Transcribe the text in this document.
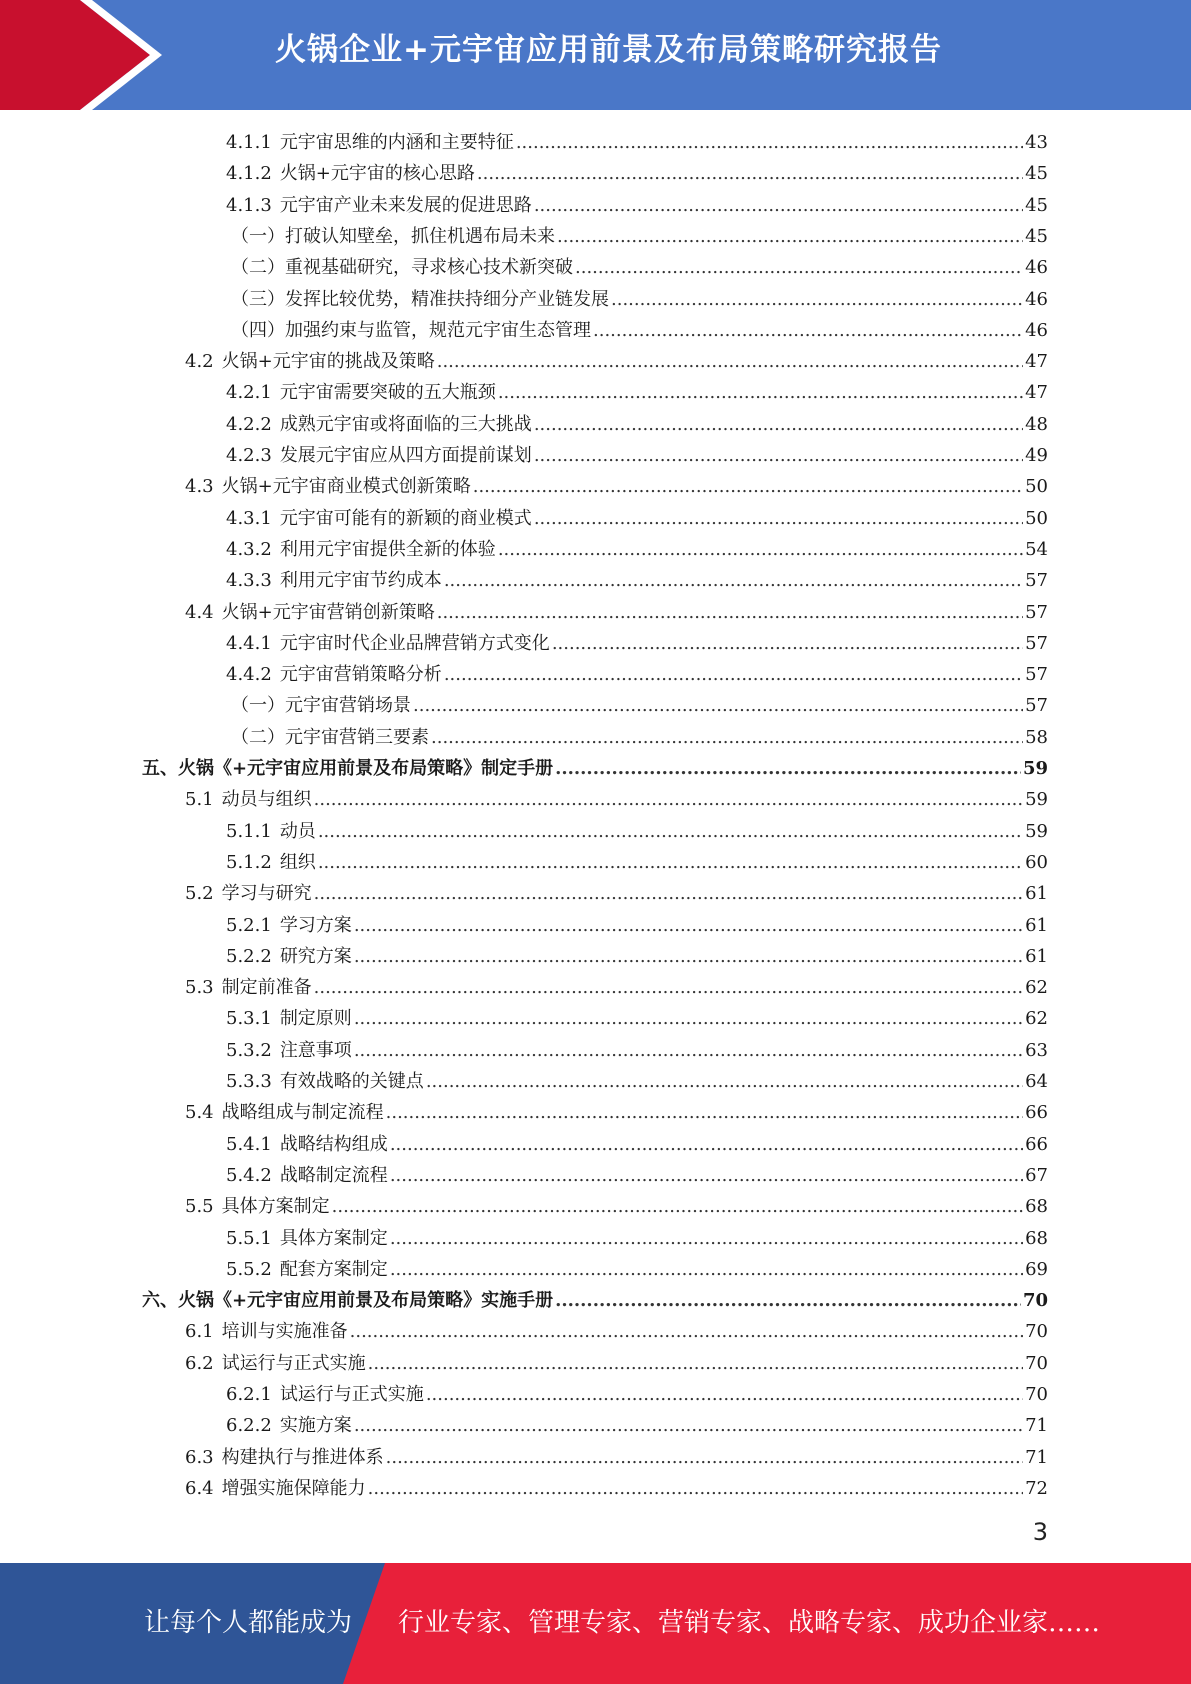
火锅企业+元宇宙应用前景及布局策略研究报告
4.1.1 元宇宙思维的内涵和主要特征 .....	43
4.1.2 火锅+元宇宙的核心思路 .....	45
4.1.3 元宇宙产业未来发展的促进思路 .....	45
（一） 打破认知壁垒，抓住机遇布局未来 .....	45
（二） 重视基础研究，寻求核心技术新突破 .....	46
（三） 发挥比较优势，精准扶持细分产业链发展 .....	46
（四） 加强约束与监管，规范元宇宙生态管理 .....	46
4.2 火锅+元宇宙的挑战及策略 .....	47
4.2.1 元宇宙需要突破的五大瓶颈 .....	47
4.2.2 成熟元宇宙或将面临的三大挑战 .....	48
4.2.3 发展元宇宙应从四方面提前谋划 .....	49
4.3 火锅+元宇宙商业模式创新策略 .....	50
4.3.1 元宇宙可能有的新颖的商业模式 .....	50
4.3.2 利用元宇宙提供全新的体验 .....	54
4.3.3 利用元宇宙节约成本 .....	57
4.4 火锅+元宇宙营销创新策略 .....	57
4.4.1 元宇宙时代企业品牌营销方式变化 .....	57
4.4.2 元宇宙营销策略分析 .....	57
（一） 元宇宙营销场景 .....	57
（二） 元宇宙营销三要素 .....	58
五、 火锅《+元宇宙应用前景及布局策略》制定手册 .....	59
5.1 动员与组织 .....	59
5.1.1 动员 .....	59
5.1.2 组织 .....	60
5.2 学习与研究 .....	61
5.2.1 学习方案 .....	61
5.2.2 研究方案 .....	61
5.3 制定前准备 .....	62
5.3.1 制定原则 .....	62
5.3.2 注意事项 .....	63
5.3.3 有效战略的关键点 .....	64
5.4 战略组成与制定流程 .....	66
5.4.1 战略结构组成 .....	66
5.4.2 战略制定流程 .....	67
5.5 具体方案制定 .....	68
5.5.1 具体方案制定 .....	68
5.5.2 配套方案制定 .....	69
六、 火锅《+元宇宙应用前景及布局策略》实施手册 .....	70
6.1 培训与实施准备 .....	70
6.2 试运行与正式实施 .....	70
6.2.1 试运行与正式实施 .....	70
6.2.2 实施方案 .....	71
6.3 构建执行与推进体系 .....	71
6.4 增强实施保障能力 .....	72
3
让每个人都能成为	行业专家、管理专家、营销专家、战略专家、成功企业家……
